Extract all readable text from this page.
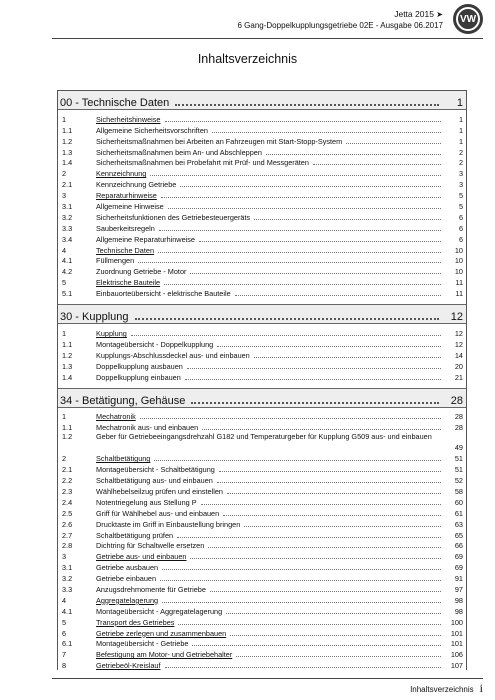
Jetta 2015 ➤
6 Gang-Doppelkupplungsgetriebe 02E - Ausgabe 06.2017
VW
Inhaltsverzeichnis
00 - Technische Daten	1
1	Sicherheitshinweise	1
1.1	Allgemeine Sicherheitsvorschriften	1
1.2	Sicherheitsmaßnahmen bei Arbeiten an Fahrzeugen mit Start-Stopp-System	1
1.3	Sicherheitsmaßnahmen beim An- und Abschleppen	2
1.4	Sicherheitsmaßnahmen bei Probefahrt mit Prüf- und Messgeräten	2
2	Kennzeichnung	3
2.1	Kennzeichnung Getriebe	3
3	Reparaturhinweise	5
3.1	Allgemeine Hinweise	5
3.2	Sicherheitsfunktionen des Getriebesteuergeräts	6
3.3	Sauberkeitsregeln	6
3.4	Allgemeine Reparaturhinweise	6
4	Technische Daten	10
4.1	Füllmengen	10
4.2	Zuordnung Getriebe - Motor	10
5	Elektrische Bauteile	11
5.1	Einbauorteübersicht - elektrische Bauteile	11
30 - Kupplung	12
1	Kupplung	12
1.1	Montageübersicht - Doppelkupplung	12
1.2	Kupplungs-Abschlussdeckel aus- und einbauen	14
1.3	Doppelkupplung ausbauen	20
1.4	Doppelkupplung einbauen	21
34 - Betätigung, Gehäuse	28
1	Mechatronik	28
1.1	Mechatronik aus- und einbauen	28
1.2	Geber für Getriebeeingangsdrehzahl G182 und Temperaturgeber für Kupplung G509 aus- und einbauen
49
2	Schaltbetätigung	51
2.1	Montageübersicht - Schaltbetätigung	51
2.2	Schaltbetätigung aus- und einbauen	52
2.3	Wählhebelseilzug prüfen und einstellen	58
2.4	Notentriegelung aus Stellung P	60
2.5	Griff für Wählhebel aus- und einbauen	61
2.6	Drucktaste im Griff in Einbaustellung bringen	63
2.7	Schaltbetätigung prüfen	65
2.8	Dichtring für Schaltwelle ersetzen	66
3	Getriebe aus- und einbauen	69
3.1	Getriebe ausbauen	69
3.2	Getriebe einbauen	91
3.3	Anzugsdrehmomente für Getriebe	97
4	Aggregatelagerung	98
4.1	Montageübersicht - Aggregatelagerung	98
5	Transport des Getriebes	100
6	Getriebe zerlegen und zusammenbauen	101
6.1	Montageübersicht - Getriebe	101
7	Befestigung am Motor- und Getriebehalter	106
8	Getriebeöl-Kreislauf	107
Inhaltsverzeichnis i
